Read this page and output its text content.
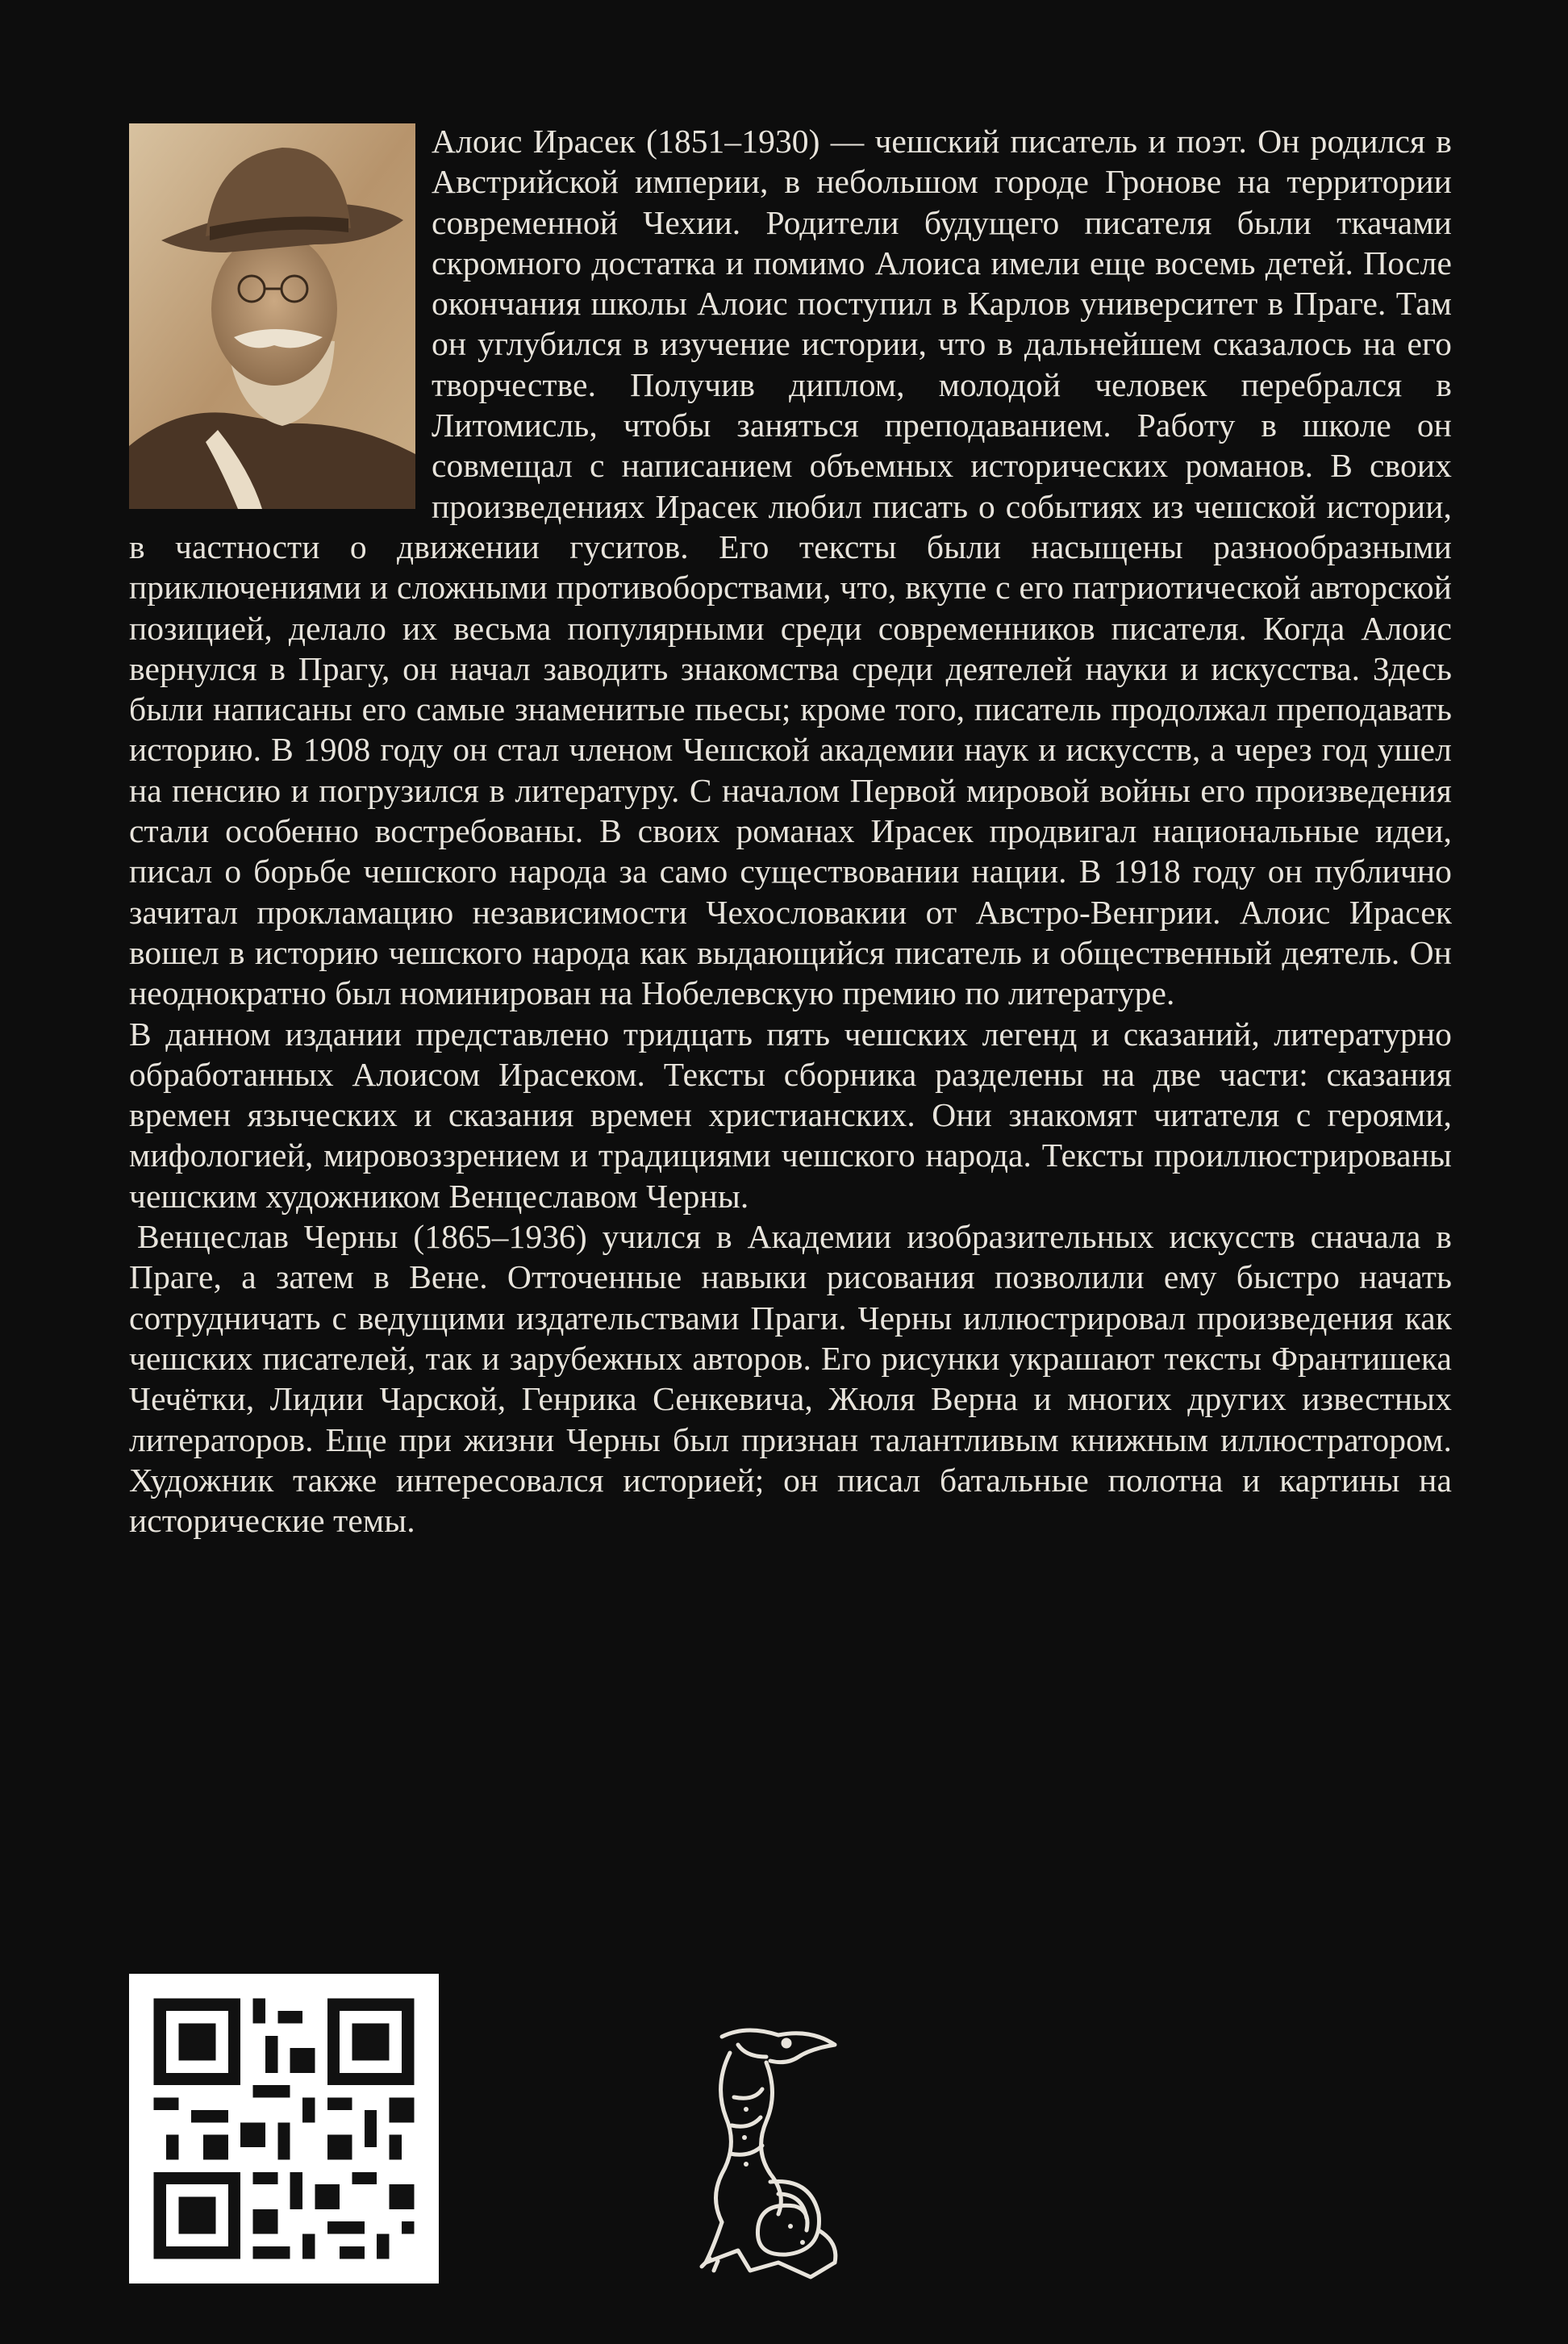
Алоис Ирасек (1851–1930) — чешский писатель и поэт. Он родился в Австрийской империи, в небольшом городе Гронове на территории современной Чехии. Родители будущего писателя были ткачами скромного достатка и помимо Алоиса имели еще восемь детей. После окончания школы Алоис поступил в Карлов университет в Праге. Там он углубился в изучение истории, что в дальнейшем сказалось на его творчестве. Получив диплом, молодой человек перебрался в Литомисль, чтобы заняться преподаванием. Работу в школе он совмещал с написанием объемных исторических романов. В своих произведениях Ирасек любил писать о событиях из чешской истории, в частности о движении гуситов. Его тексты были насыщены разнообразными приключениями и сложными противоборствами, что, вкупе с его патриотической авторской позицией, делало их весьма популярными среди современников писателя. Когда Алоис вернулся в Прагу, он начал заводить знакомства среди деятелей науки и искусства. Здесь были написаны его самые знаменитые пьесы; кроме того, писатель продолжал преподавать историю. В 1908 году он стал членом Чешской академии наук и искусств, а через год ушел на пенсию и погрузился в литературу. С началом Первой мировой войны его произведения стали особенно востребованы. В своих романах Ирасек продвигал национальные идеи, писал о борьбе чешского народа за само существовании нации. В 1918 году он публично зачитал прокламацию независимости Чехословакии от Австро-Венгрии. Алоис Ирасек вошел в историю чешского народа как выдающийся писатель и общественный деятель. Он неоднократно был номинирован на Нобелевскую премию по литературе.

В данном издании представлено тридцать пять чешских легенд и сказаний, литературно обработанных Алоисом Ирасеком. Тексты сборника разделены на две части: сказания времен языческих и сказания времен христианских. Они знакомят читателя с героями, мифологией, мировоззрением и традициями чешского народа. Тексты проиллюстрированы чешским художником Венцеславом Черны.

Венцеслав Черны (1865–1936) учился в Академии изобразительных искусств сначала в Праге, а затем в Вене. Отточенные навыки рисования позволили ему быстро начать сотрудничать с ведущими издательствами Праги. Черны иллюстрировал произведения как чешских писателей, так и зарубежных авторов. Его рисунки украшают тексты Франтишека Чечётки, Лидии Чарской, Генрика Сенкевича, Жюля Верна и многих других известных литераторов. Еще при жизни Черны был признан талантливым книжным иллюстратором. Художник также интересовался историей; он писал батальные полотна и картины на исторические темы.
